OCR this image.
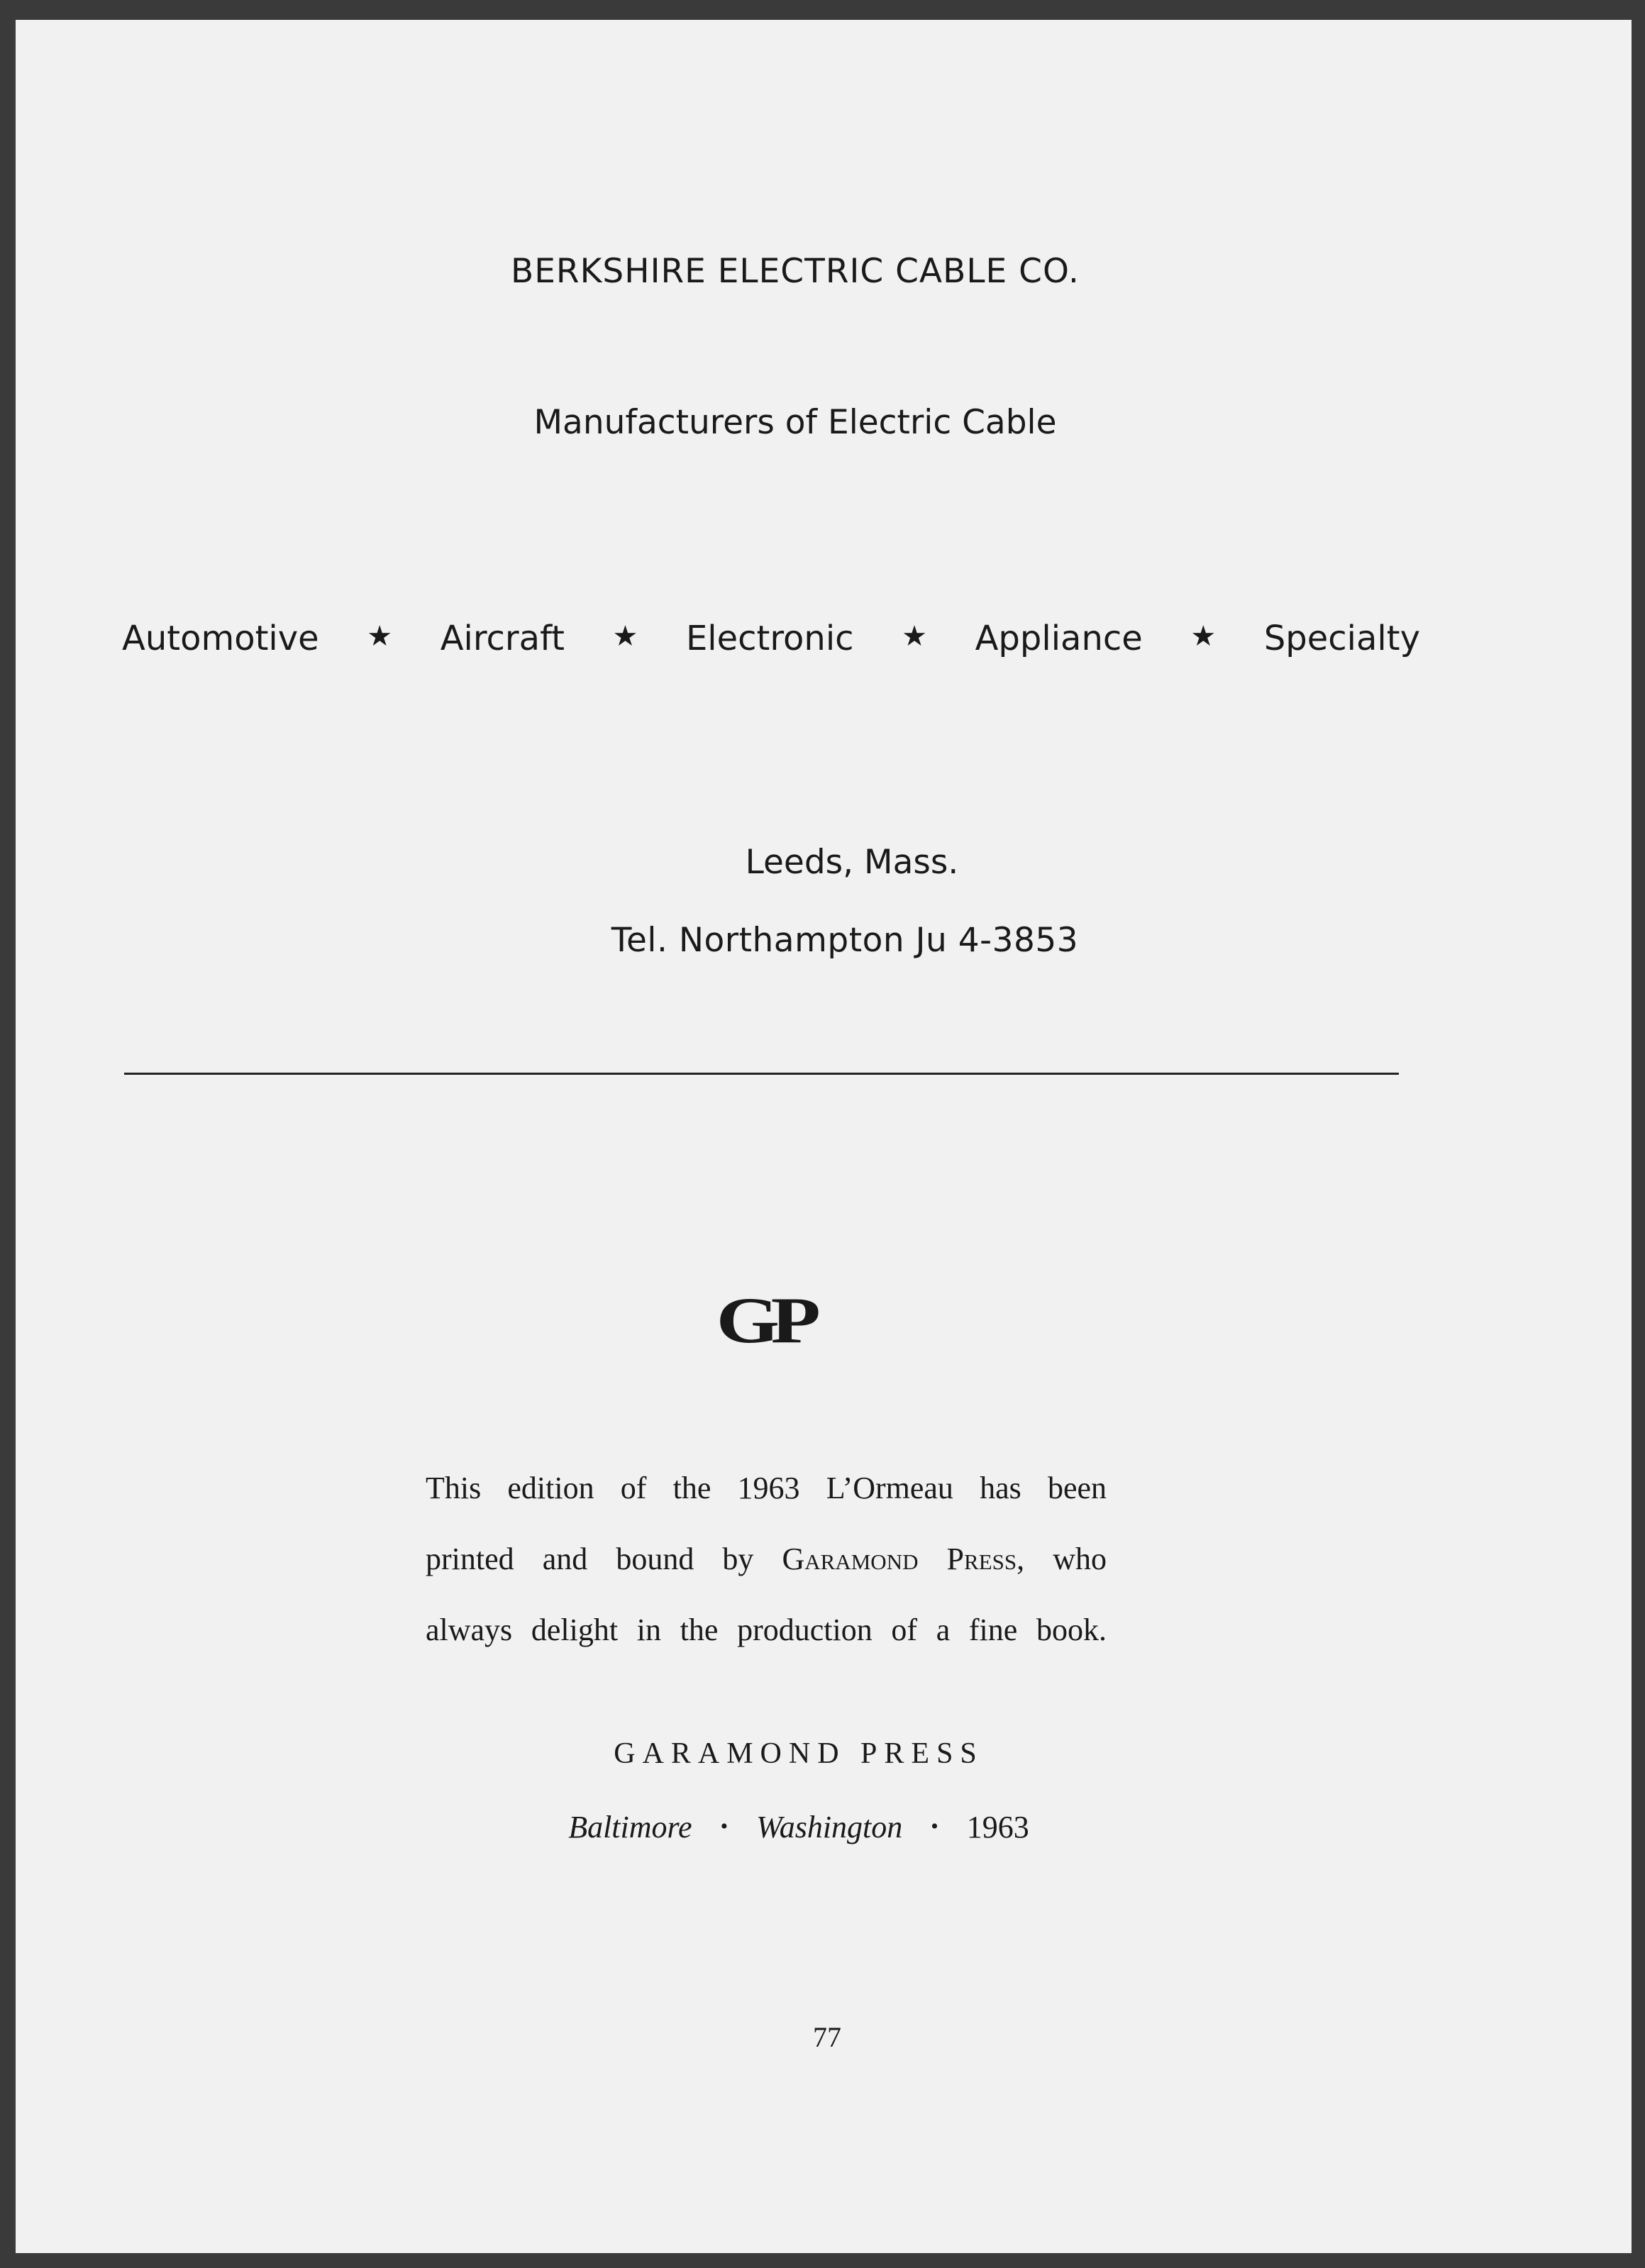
BERKSHIRE ELECTRIC CABLE CO.
Manufacturers of Electric Cable
Automotive ★ Aircraft ★ Electronic ★ Appliance ★ Specialty
Leeds, Mass.
Tel. Northampton Ju 4-3853
GP
This edition of the 1963 L’Ormeau has been
printed and bound by Garamond Press, who
always delight in the production of a fine book.
GARAMOND PRESS
Baltimore • Washington • 1963
77
